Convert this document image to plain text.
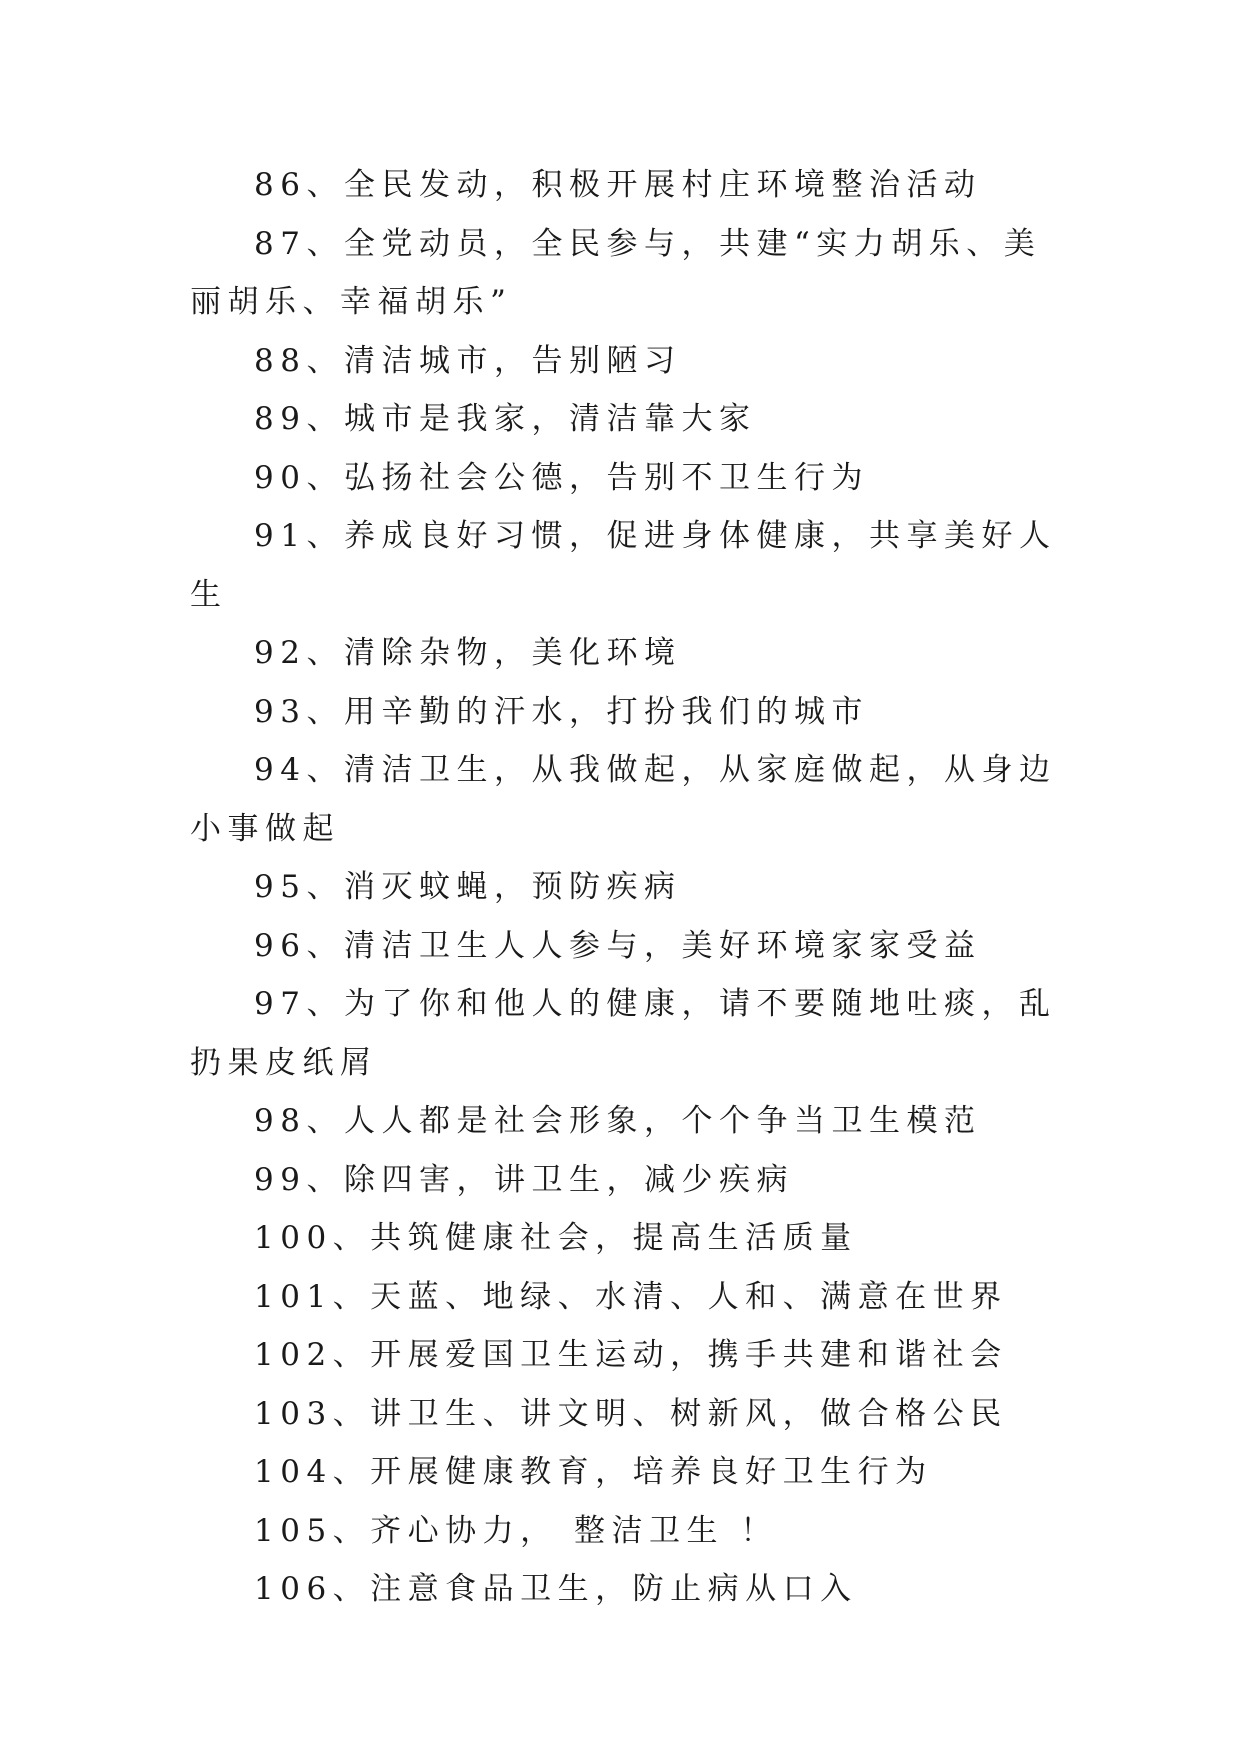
86、全民发动，积极开展村庄环境整治活动

87、全党动员，全民参与，共建“实力胡乐、美丽胡乐、幸福胡乐”

88、清洁城市，告别陋习

89、城市是我家，清洁靠大家

90、弘扬社会公德，告别不卫生行为

91、养成良好习惯，促进身体健康，共享美好人生

92、清除杂物，美化环境

93、用辛勤的汗水，打扮我们的城市

94、清洁卫生，从我做起，从家庭做起，从身边小事做起

95、消灭蚊蝇，预防疾病

96、清洁卫生人人参与，美好环境家家受益

97、为了你和他人的健康，请不要随地吐痰，乱扔果皮纸屑

98、人人都是社会形象，个个争当卫生模范

99、除四害，讲卫生，减少疾病

100、共筑健康社会，提高生活质量

101、天蓝、地绿、水清、人和、满意在世界

102、开展爱国卫生运动，携手共建和谐社会

103、讲卫生、讲文明、树新风，做合格公民

104、开展健康教育，培养良好卫生行为

105、齐心协力， 整洁卫生 ！

106、注意食品卫生，防止病从口入
